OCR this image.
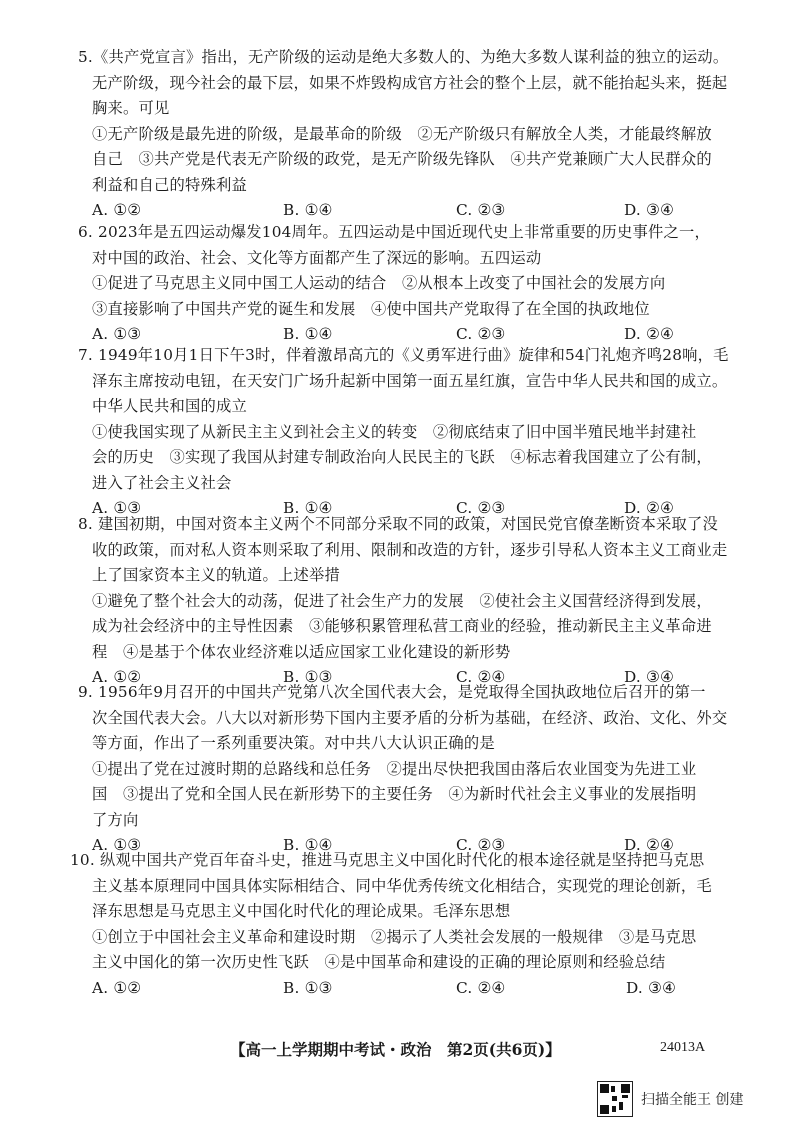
5.《共产党宣言》指出，无产阶级的运动是绝大多数人的、为绝大多数人谋利益的独立的运动。
无产阶级，现今社会的最下层，如果不炸毁构成官方社会的整个上层，就不能抬起头来，挺起
胸来。可见
①无产阶级是最先进的阶级，是最革命的阶级　②无产阶级只有解放全人类，才能最终解放
自己　③共产党是代表无产阶级的政党，是无产阶级先锋队　④共产党兼顾广大人民群众的
利益和自己的特殊利益
A. ①②	B. ①④	C. ②③	D. ③④
6. 2023年是五四运动爆发104周年。五四运动是中国近现代史上非常重要的历史事件之一，
对中国的政治、社会、文化等方面都产生了深远的影响。五四运动
①促进了马克思主义同中国工人运动的结合　②从根本上改变了中国社会的发展方向
③直接影响了中国共产党的诞生和发展　④使中国共产党取得了在全国的执政地位
A. ①③	B. ①④	C. ②③	D. ②④
7. 1949年10月1日下午3时，伴着激昂高亢的《义勇军进行曲》旋律和54门礼炮齐鸣28响，毛
泽东主席按动电钮，在天安门广场升起新中国第一面五星红旗，宣告中华人民共和国的成立。
中华人民共和国的成立
①使我国实现了从新民主主义到社会主义的转变　②彻底结束了旧中国半殖民地半封建社
会的历史　③实现了我国从封建专制政治向人民民主的飞跃　④标志着我国建立了公有制，
进入了社会主义社会
A. ①③	B. ①④	C. ②③	D. ②④
8. 建国初期，中国对资本主义两个不同部分采取不同的政策，对国民党官僚垄断资本采取了没
收的政策，而对私人资本则采取了利用、限制和改造的方针，逐步引导私人资本主义工商业走
上了国家资本主义的轨道。上述举措
①避免了整个社会大的动荡，促进了社会生产力的发展　②使社会主义国营经济得到发展，
成为社会经济中的主导性因素　③能够积累管理私营工商业的经验，推动新民主主义革命进
程　④是基于个体农业经济难以适应国家工业化建设的新形势
A. ①②	B. ①③	C. ②④	D. ③④
9. 1956年9月召开的中国共产党第八次全国代表大会，是党取得全国执政地位后召开的第一
次全国代表大会。八大以对新形势下国内主要矛盾的分析为基础，在经济、政治、文化、外交
等方面，作出了一系列重要决策。对中共八大认识正确的是
①提出了党在过渡时期的总路线和总任务　②提出尽快把我国由落后农业国变为先进工业
国　③提出了党和全国人民在新形势下的主要任务　④为新时代社会主义事业的发展指明
了方向
A. ①③	B. ①④	C. ②③	D. ②④
10. 纵观中国共产党百年奋斗史，推进马克思主义中国化时代化的根本途径就是坚持把马克思
主义基本原理同中国具体实际相结合、同中华优秀传统文化相结合，实现党的理论创新，毛
泽东思想是马克思主义中国化时代化的理论成果。毛泽东思想
①创立于中国社会主义革命和建设时期　②揭示了人类社会发展的一般规律　③是马克思
主义中国化的第一次历史性飞跃　④是中国革命和建设的正确的理论原则和经验总结
A. ①②	B. ①③	C. ②④	D. ③④
【高一上学期期中考试・政治　第2页(共6页)】	24013A
扫描全能王 创建
